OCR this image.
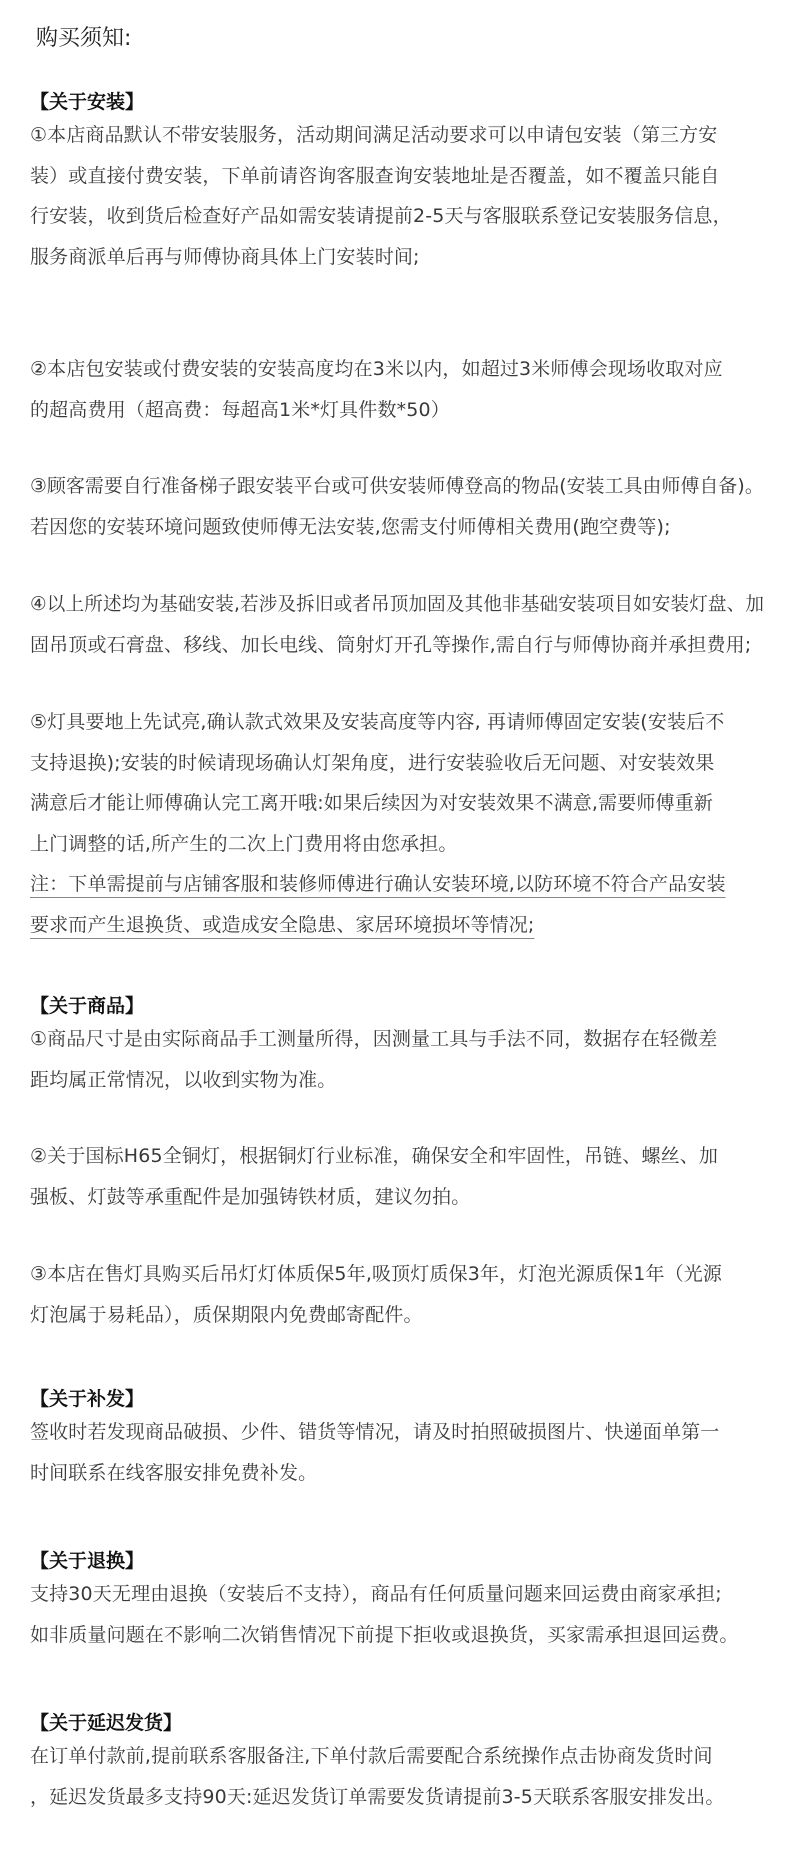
购买须知:
【关于安装】
①本店商品默认不带安装服务，活动期间满足活动要求可以申请包安装（第三方安
装）或直接付费安装，下单前请咨询客服查询安装地址是否覆盖，如不覆盖只能自
行安装，收到货后检查好产品如需安装请提前2-5天与客服联系登记安装服务信息，
服务商派单后再与师傅协商具体上门安装时间;
②本店包安装或付费安装的安装高度均在3米以内，如超过3米师傅会现场收取对应
的超高费用（超高费：每超高1米*灯具件数*50）
③顾客需要自行准备梯子跟安装平台或可供安装师傅登高的物品(安装工具由师傅自备)。
若因您的安装环境问题致使师傅无法安装,您需支付师傅相关费用(跑空费等);
④以上所述均为基础安装,若涉及拆旧或者吊顶加固及其他非基础安装项目如安装灯盘、加
固吊顶或石膏盘、移线、加长电线、筒射灯开孔等操作,需自行与师傅协商并承担费用;
⑤灯具要地上先试亮,确认款式效果及安装高度等内容, 再请师傅固定安装(安装后不
支持退换);安装的时候请现场确认灯架角度，进行安装验收后无问题、对安装效果
满意后才能让师傅确认完工离开哦:如果后续因为对安装效果不满意,需要师傅重新
上门调整的话,所产生的二次上门费用将由您承担。
注：下单需提前与店铺客服和装修师傅进行确认安装环境,以防环境不符合产品安装
要求而产生退换货、或造成安全隐患、家居环境损坏等情况;
【关于商品】
①商品尺寸是由实际商品手工测量所得，因测量工具与手法不同，数据存在轻微差
距均属正常情况，以收到实物为准。
②关于国标H65全铜灯，根据铜灯行业标准，确保安全和牢固性，吊链、螺丝、加
强板、灯鼓等承重配件是加强铸铁材质，建议勿拍。
③本店在售灯具购买后吊灯灯体质保5年,吸顶灯质保3年，灯泡光源质保1年（光源
灯泡属于易耗品），质保期限内免费邮寄配件。
【关于补发】
签收时若发现商品破损、少件、错货等情况，请及时拍照破损图片、快递面单第一
时间联系在线客服安排免费补发。
【关于退换】
支持30天无理由退换（安装后不支持），商品有任何质量问题来回运费由商家承担;
如非质量问题在不影响二次销售情况下前提下拒收或退换货，买家需承担退回运费。
【关于延迟发货】
在订单付款前,提前联系客服备注,下单付款后需要配合系统操作点击协商发货时间
，延迟发货最多支持90天:延迟发货订单需要发货请提前3-5天联系客服安排发出。
